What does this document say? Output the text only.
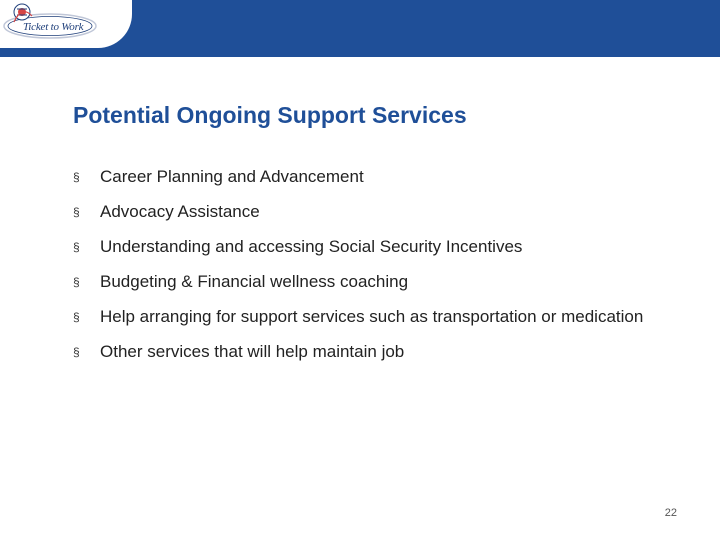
Ticket to Work
Potential Ongoing Support Services
§ Career Planning and Advancement
§ Advocacy Assistance
§ Understanding and accessing Social Security Incentives
§ Budgeting & Financial wellness coaching
§ Help arranging for support services such as transportation or medication
§ Other services that will help maintain job
22
